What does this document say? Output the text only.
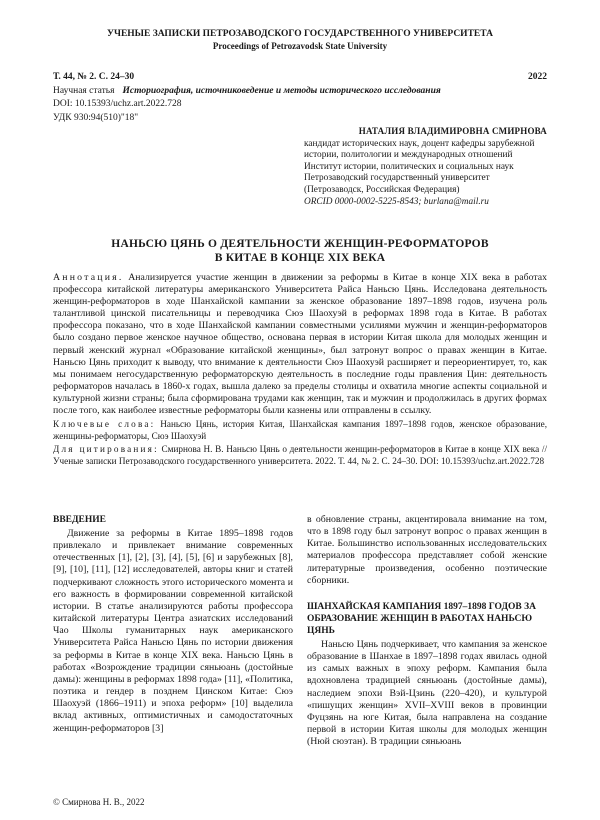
УЧЕНЫЕ ЗАПИСКИ ПЕТРОЗАВОДСКОГО ГОСУДАРСТВЕННОГО УНИВЕРСИТЕТА
Proceedings of Petrozavodsk State University
Т. 44, № 2. С. 24–30	2022
Научная статья Историография, источниковедение и методы исторического исследования
DOI: 10.15393/uchz.art.2022.728
УДК 930:94(510)"18"
НАТАЛИЯ ВЛАДИМИРОВНА СМИРНОВА
кандидат исторических наук, доцент кафедры зарубежной истории, политологии и международных отношений
Институт истории, политических и социальных наук
Петрозаводский государственный университет
(Петрозаводск, Российская Федерация)
ORCID 0000-0002-5225-8543; burlana@mail.ru
НАНЬСЮ ЦЯНЬ О ДЕЯТЕЛЬНОСТИ ЖЕНЩИН-РЕФОРМАТОРОВ
В КИТАЕ В КОНЦЕ XIX ВЕКА

Аннотация. Анализируется участие женщин в движении за реформы в Китае в конце XIX века в работах профессора китайской литературы американского Университета Райса Наньсю Цянь. Исследована деятельность женщин-реформаторов в ходе Шанхайской кампании за женское образование 1897–1898 годов, изучена роль талантливой цинской писательницы и переводчика Сюэ Шаохуэй в реформах 1898 года в Китае. В работах профессора показано, что в ходе Шанхайской кампании совместными усилиями мужчин и женщин-реформаторов было создано первое женское научное общество, основана первая в истории Китая школа для молодых женщин и первый женский журнал «Образование китайской женщины», был затронут вопрос о правах женщин в Китае. Наньсю Цянь приходит к выводу, что внимание к деятельности Сюэ Шаохуэй расширяет и переориентирует, то, как мы понимаем негосударственную реформаторскую деятельность в последние годы правления Цин: деятельность реформаторов началась в 1860-х годах, вышла далеко за пределы столицы и охватила многие аспекты социальной и культурной жизни страны; была сформирована трудами как женщин, так и мужчин и продолжилась в других формах после того, как наиболее известные реформаторы были казнены или отправлены в ссылку.

Ключевые слова: Наньсю Цянь, история Китая, Шанхайская кампания 1897–1898 годов, женское образование, женщины-реформаторы, Сюэ Шаохуэй
Для цитирования: Смирнова Н. В. Наньсю Цянь о деятельности женщин-реформаторов в Китае в конце XIX века // Ученые записки Петрозаводского государственного университета. 2022. Т. 44, № 2. С. 24–30. DOI: 10.15393/uchz.art.2022.728
ВВЕДЕНИЕ

Движение за реформы в Китае 1895–1898 годов привлекало и привлекает внимание современных отечественных [1], [2], [3], [4], [5], [6] и зарубежных [8], [9], [10], [11], [12] исследователей, авторы книг и статей подчеркивают сложность этого исторического момента и его важность в формировании современной китайской истории. В статье анализируются работы профессора китайской литературы Центра азиатских исследований Чао Школы гуманитарных наук американского Университета Райса Наньсю Цянь по истории движения за реформы в Китае в конце XIX века. Наньсю Цянь в работах «Возрождение традиции сяньюань (достойные дамы): женщины в реформах 1898 года» [11], «Политика, поэтика и гендер в позднем Цинском Китае: Сюэ Шаохуэй (1866–1911) и эпоха реформ» [10] выделила вклад активных, оптимистичных и самодостаточных женщин-реформаторов [3]

в обновление страны, акцентировала внимание на том, что в 1898 году был затронут вопрос о правах женщин в Китае. Большинство использованных исследовательских материалов профессора представляет собой женские литературные произведения, особенно поэтические сборники.

ШАНХАЙСКАЯ КАМПАНИЯ 1897–1898 ГОДОВ ЗА ОБРАЗОВАНИЕ ЖЕНЩИН В РАБОТАХ НАНЬСЮ ЦЯНЬ

Наньсю Цянь подчеркивает, что кампания за женское образование в Шанхае в 1897–1898 годах явилась одной из самых важных в эпоху реформ. Кампания была вдохновлена традицией сяньюань (достойные дамы), наследием эпохи Вэй-Цзинь (220–420), и культурой «пишущих женщин» XVII–XVIII веков в провинции Фуцзянь на юге Китая, была направлена на создание первой в истории Китая школы для молодых женщин (Нюй сюэтан). В традиции сяньюань

© Смирнова Н. В., 2022
